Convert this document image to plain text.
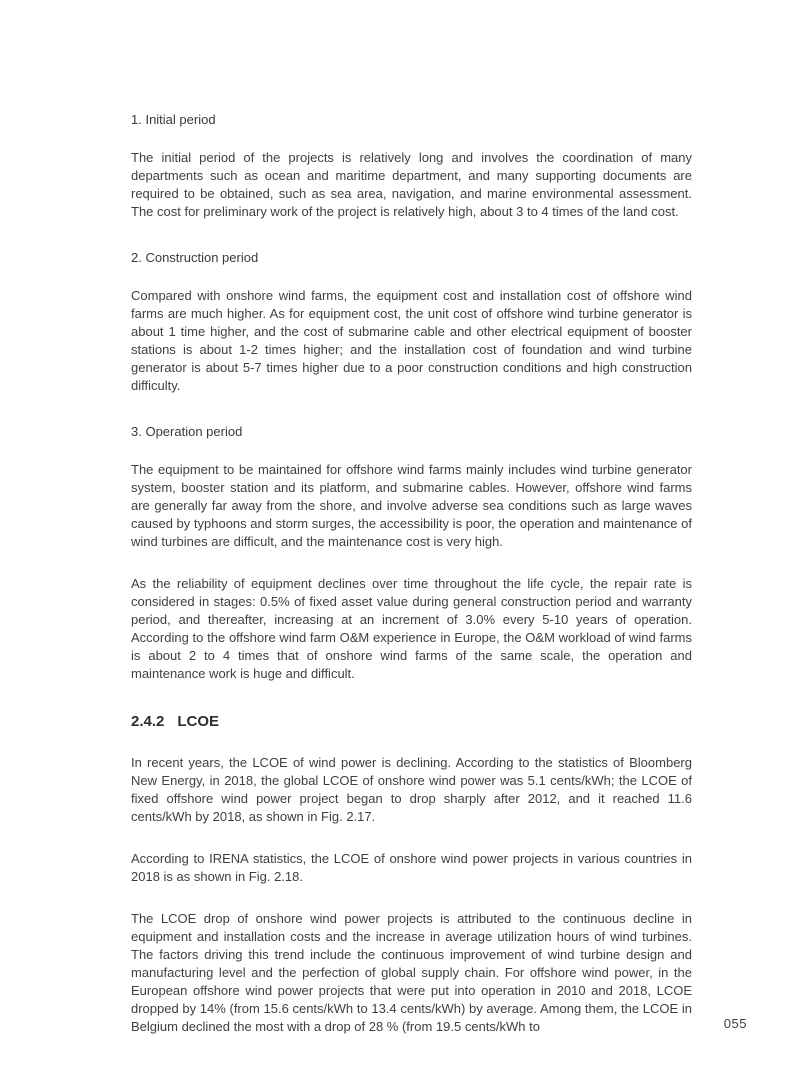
1. Initial period

The initial period of the projects is relatively long and involves the coordination of many departments such as ocean and maritime department, and many supporting documents are required to be obtained, such as sea area, navigation, and marine environmental assessment. The cost for preliminary work of the project is relatively high, about 3 to 4 times of the land cost.

2. Construction period

Compared with onshore wind farms, the equipment cost and installation cost of offshore wind farms are much higher. As for equipment cost, the unit cost of offshore wind turbine generator is about 1 time higher, and the cost of submarine cable and other electrical equipment of booster stations is about 1-2 times higher; and the installation cost of foundation and wind turbine generator is about 5-7 times higher due to a poor construction conditions and high construction difficulty.

3. Operation period

The equipment to be maintained for offshore wind farms mainly includes wind turbine generator system, booster station and its platform, and submarine cables. However, offshore wind farms are generally far away from the shore, and involve adverse sea conditions such as large waves caused by typhoons and storm surges, the accessibility is poor, the operation and maintenance of wind turbines are difficult, and the maintenance cost is very high.

As the reliability of equipment declines over time throughout the life cycle, the repair rate is considered in stages: 0.5% of fixed asset value during general construction period and warranty period, and thereafter, increasing at an increment of 3.0% every 5-10 years of operation. According to the offshore wind farm O&M experience in Europe, the O&M workload of wind farms is about 2 to 4 times that of onshore wind farms of the same scale, the operation and maintenance work is huge and difficult.

2.4.2 LCOE

In recent years, the LCOE of wind power is declining. According to the statistics of Bloomberg New Energy, in 2018, the global LCOE of onshore wind power was 5.1 cents/kWh; the LCOE of fixed offshore wind power project began to drop sharply after 2012, and it reached 11.6 cents/kWh by 2018, as shown in Fig. 2.17.

According to IRENA statistics, the LCOE of onshore wind power projects in various countries in 2018 is as shown in Fig. 2.18.

The LCOE drop of onshore wind power projects is attributed to the continuous decline in equipment and installation costs and the increase in average utilization hours of wind turbines. The factors driving this trend include the continuous improvement of wind turbine design and manufacturing level and the perfection of global supply chain. For offshore wind power, in the European offshore wind power projects that were put into operation in 2010 and 2018, LCOE dropped by 14% (from 15.6 cents/kWh to 13.4 cents/kWh) by average. Among them, the LCOE in Belgium declined the most with a drop of 28 % (from 19.5 cents/kWh to	055
